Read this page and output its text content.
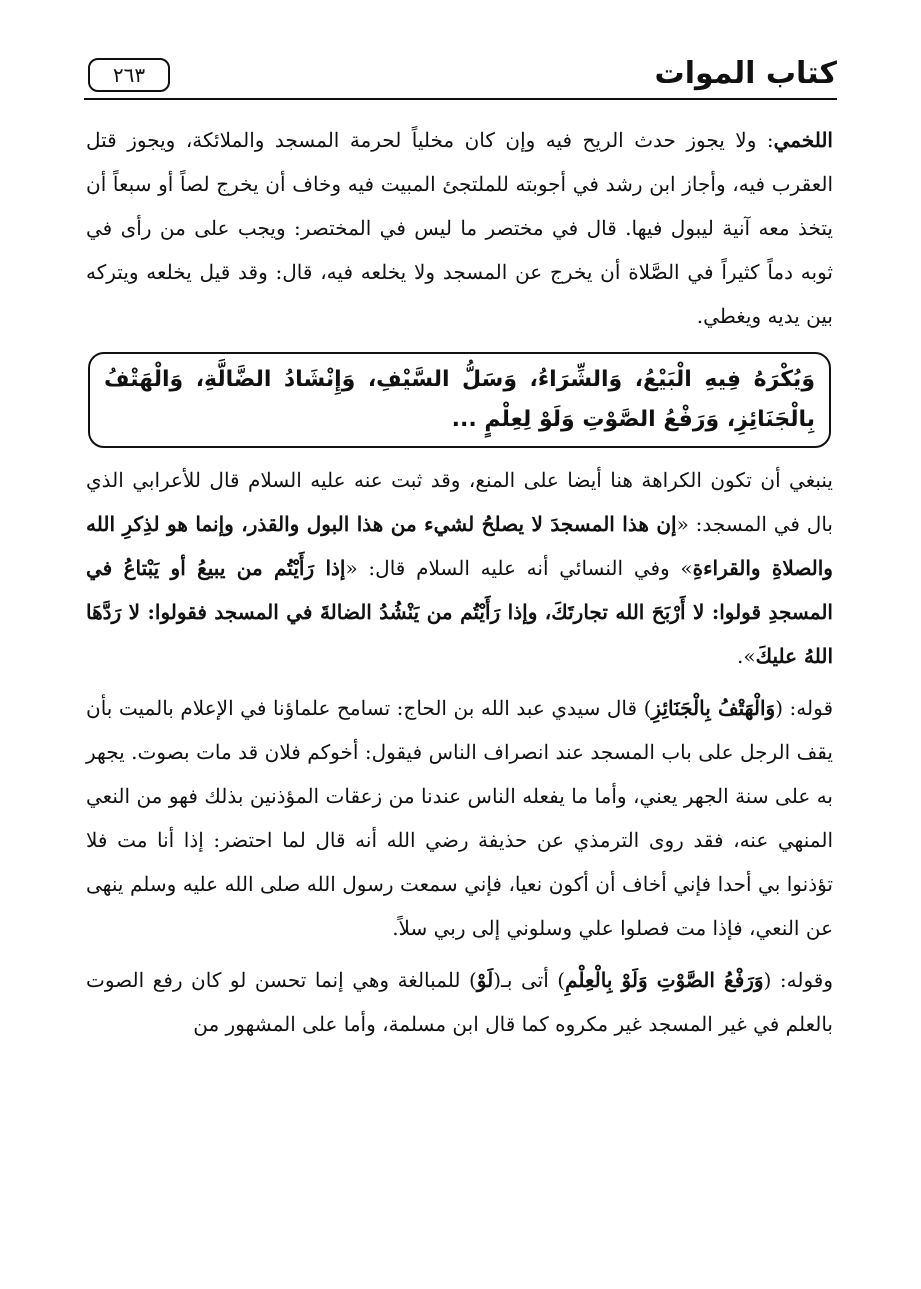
كتاب الموات
٢٦٣

اللخمي: ولا يجوز حدث الريح فيه وإن كان مخلياً لحرمة المسجد والملائكة، ويجوز قتل العقرب فيه، وأجاز ابن رشد في أجوبته للملتجئ المبيت فيه وخاف أن يخرج لصاً أو سبعاً أن يتخذ معه آنية ليبول فيها. قال في مختصر ما ليس في المختصر: ويجب على من رأى في ثوبه دماً كثيراً في الصَّلاة أن يخرج عن المسجد ولا يخلعه فيه، قال: وقد قيل يخلعه ويتركه بين يديه ويغطي.

وَيُكْرَهُ فِيهِ الْبَيْعُ، وَالشِّرَاءُ، وَسَلُّ السَّيْفِ، وَإِنْشَادُ الضَّالَّةِ، وَالْهَتْفُ بِالْجَنَائِزِ، وَرَفْعُ الصَّوْتِ وَلَوْ لِعِلْمٍ ...

ينبغي أن تكون الكراهة هنا أيضا على المنع، وقد ثبت عنه عليه السلام قال للأعرابي الذي بال في المسجد: «إن هذا المسجدَ لا يصلحُ لشيء من هذا البول والقذر، وإنما هو لذِكرِ الله والصلاةِ والقراءةِ» وفي النسائي أنه عليه السلام قال: «إذا رَأَيْتُم من يبيعُ أو يَبْتاعُ في المسجدِ قولوا: لا أَرْبَحَ الله تجارتَكَ، وإذا رَأَيْتُم من يَنْشُدُ الضالةَ في المسجد فقولوا: لا رَدَّهَا اللهُ عليكَ».

قوله: (وَالْهَتْفُ بِالْجَنَائِزِ) قال سيدي عبد الله بن الحاج: تسامح علماؤنا في الإعلام بالميت بأن يقف الرجل على باب المسجد عند انصراف الناس فيقول: أخوكم فلان قد مات بصوت. يجهر به على سنة الجهر يعني، وأما ما يفعله الناس عندنا من زعقات المؤذنين بذلك فهو من النعي المنهي عنه، فقد روى الترمذي عن حذيفة رضي الله أنه قال لما احتضر: إذا أنا مت فلا تؤذنوا بي أحدا فإني أخاف أن أكون نعيا، فإني سمعت رسول الله صلى الله عليه وسلم ينهى عن النعي، فإذا مت فصلوا علي وسلوني إلى ربي سلاً.

وقوله: (وَرَفْعُ الصَّوْتِ وَلَوْ بِالْعِلْمِ) أتى بـ(لَوْ) للمبالغة وهي إنما تحسن لو كان رفع الصوت بالعلم في غير المسجد غير مكروه كما قال ابن مسلمة، وأما على المشهور من
